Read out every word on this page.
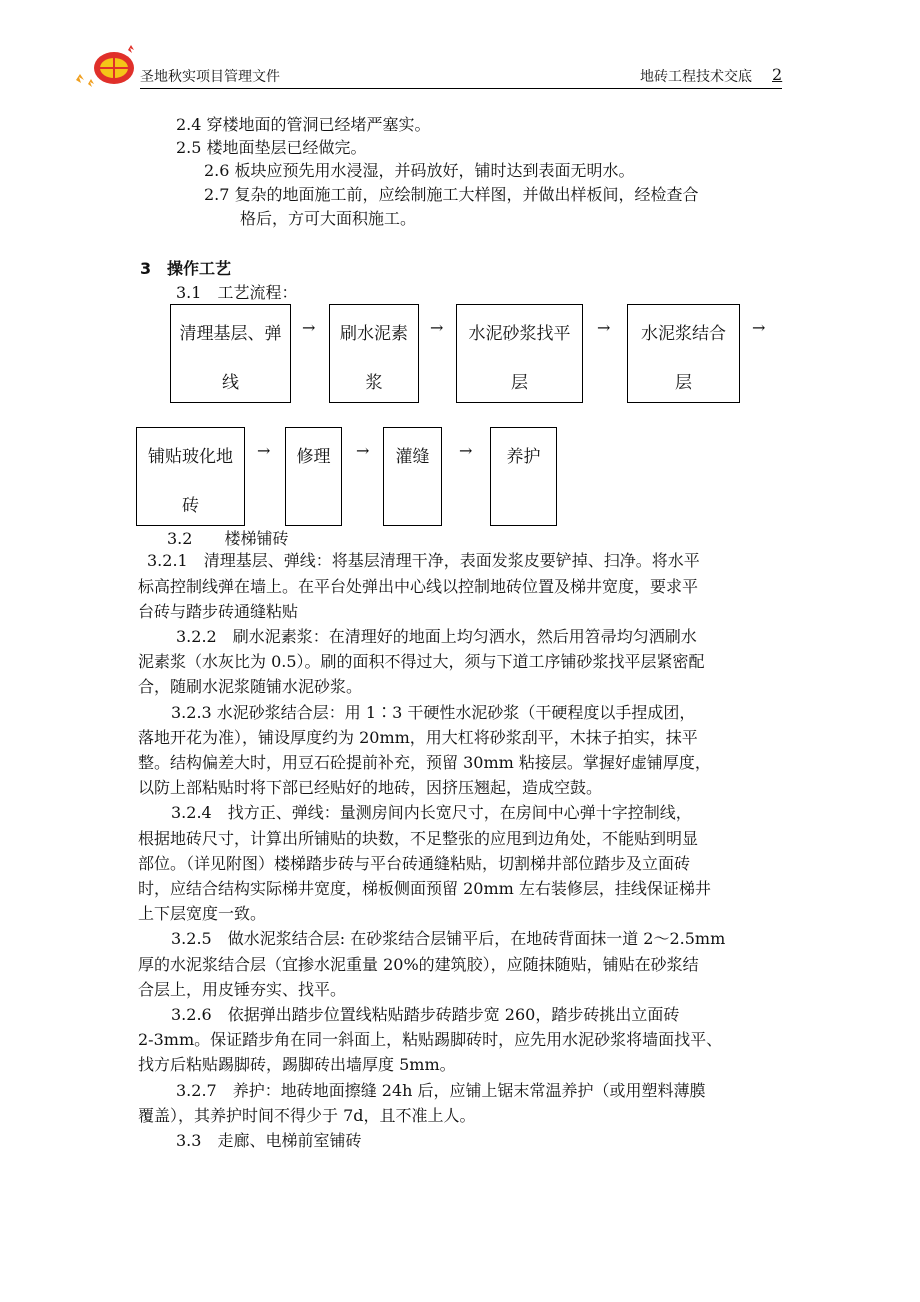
圣地秋实项目管理文件	地砖工程技术交底 2
2.4 穿楼地面的管洞已经堵严塞实。
2.5 楼地面垫层已经做完。
2.6 板块应预先用水浸湿，并码放好，铺时达到表面无明水。
2.7 复杂的地面施工前，应绘制施工大样图，并做出样板间，经检查合
格后，方可大面积施工。
3 操作工艺
3.1　工艺流程：
清理基层、弹
线
→	刷水泥素
浆
→	水泥砂浆找平
层
→	水泥浆结合
层
→
铺贴玻化地
砖
→	修理	→	灌缝	→	养护
3.2　　楼梯铺砖
3.2.1　清理基层、弹线：将基层清理干净，表面发浆皮要铲掉、扫净。将水平
标高控制线弹在墙上。在平台处弹出中心线以控制地砖位置及梯井宽度，要求平
台砖与踏步砖通缝粘贴
3.2.2　刷水泥素浆：在清理好的地面上均匀洒水，然后用笤帚均匀洒刷水
泥素浆（水灰比为 0.5）。刷的面积不得过大，须与下道工序铺砂浆找平层紧密配
合，随刷水泥浆随铺水泥砂浆。
3.2.3 水泥砂浆结合层：用 1∶3 干硬性水泥砂浆（干硬程度以手捏成团，
落地开花为准），铺设厚度约为 20mm，用大杠将砂浆刮平，木抹子拍实，抹平
整。结构偏差大时，用豆石砼提前补充，预留 30mm 粘接层。掌握好虚铺厚度，
以防上部粘贴时将下部已经贴好的地砖，因挤压翘起，造成空鼓。
3.2.4　找方正、弹线：量测房间内长宽尺寸，在房间中心弹十字控制线，
根据地砖尺寸，计算出所铺贴的块数，不足整张的应甩到边角处，不能贴到明显
部位。（详见附图）楼梯踏步砖与平台砖通缝粘贴，切割梯井部位踏步及立面砖
时，应结合结构实际梯井宽度，梯板侧面预留 20mm 左右装修层，挂线保证梯井
上下层宽度一致。
3.2.5　做水泥浆结合层: 在砂浆结合层铺平后，在地砖背面抹一道 2～2.5mm
厚的水泥浆结合层（宜掺水泥重量 20%的建筑胶），应随抹随贴，铺贴在砂浆结
合层上，用皮锤夯实、找平。
3.2.6　依据弹出踏步位置线粘贴踏步砖踏步宽 260，踏步砖挑出立面砖
2-3mm。保证踏步角在同一斜面上，粘贴踢脚砖时，应先用水泥砂浆将墙面找平、
找方后粘贴踢脚砖，踢脚砖出墙厚度 5mm。
3.2.7　养护：地砖地面擦缝 24h 后，应铺上锯末常温养护（或用塑料薄膜
覆盖），其养护时间不得少于 7d，且不准上人。
3.3　走廊、电梯前室铺砖
